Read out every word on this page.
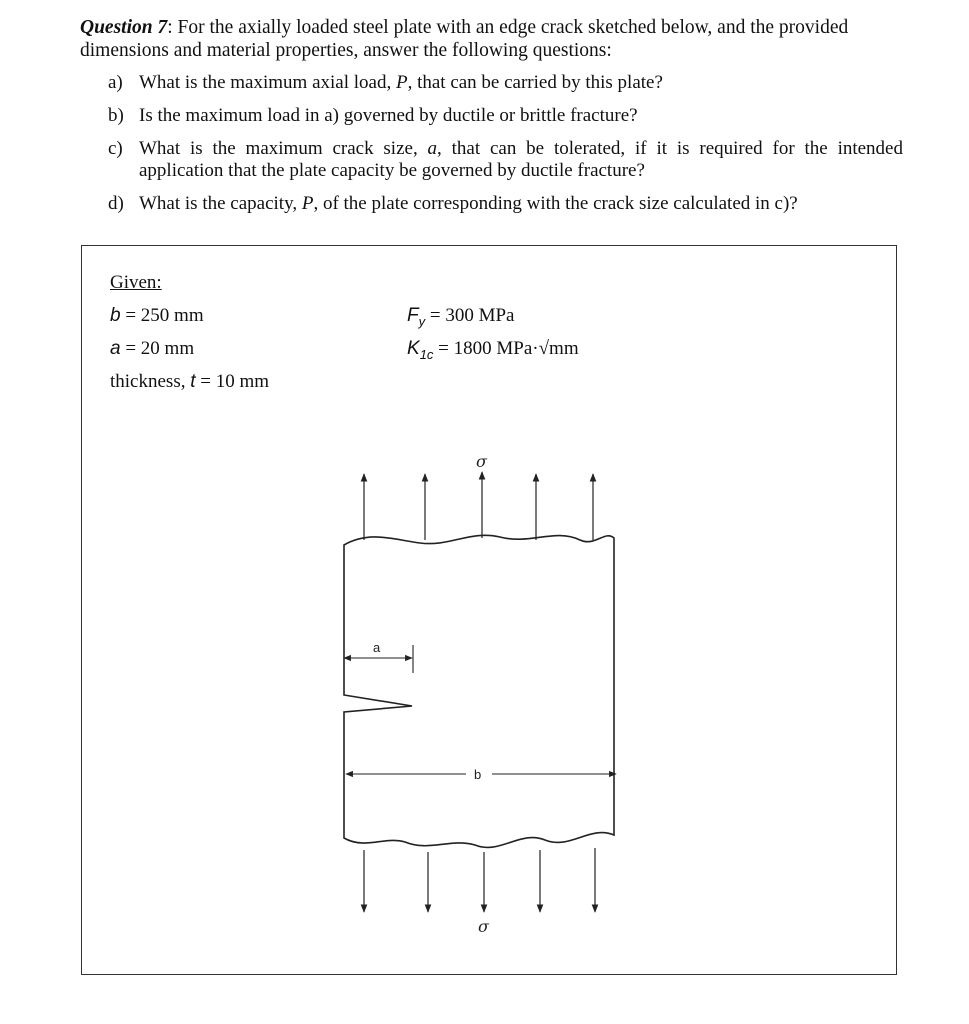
Question 7: For the axially loaded steel plate with an edge crack sketched below, and the provided dimensions and material properties, answer the following questions:
a) What is the maximum axial load, P, that can be carried by this plate?
b) Is the maximum load in a) governed by ductile or brittle fracture?
c) What is the maximum crack size, a, that can be tolerated, if it is required for the intended application that the plate capacity be governed by ductile fracture?
d) What is the capacity, P, of the plate corresponding with the crack size calculated in c)?
Given:
b = 250 mm
a = 20 mm
thickness, t = 10 mm
$F_y = 300$ MPa
$K_{1c} = 1800$ MPa·√mm
σ
σ
a
b
